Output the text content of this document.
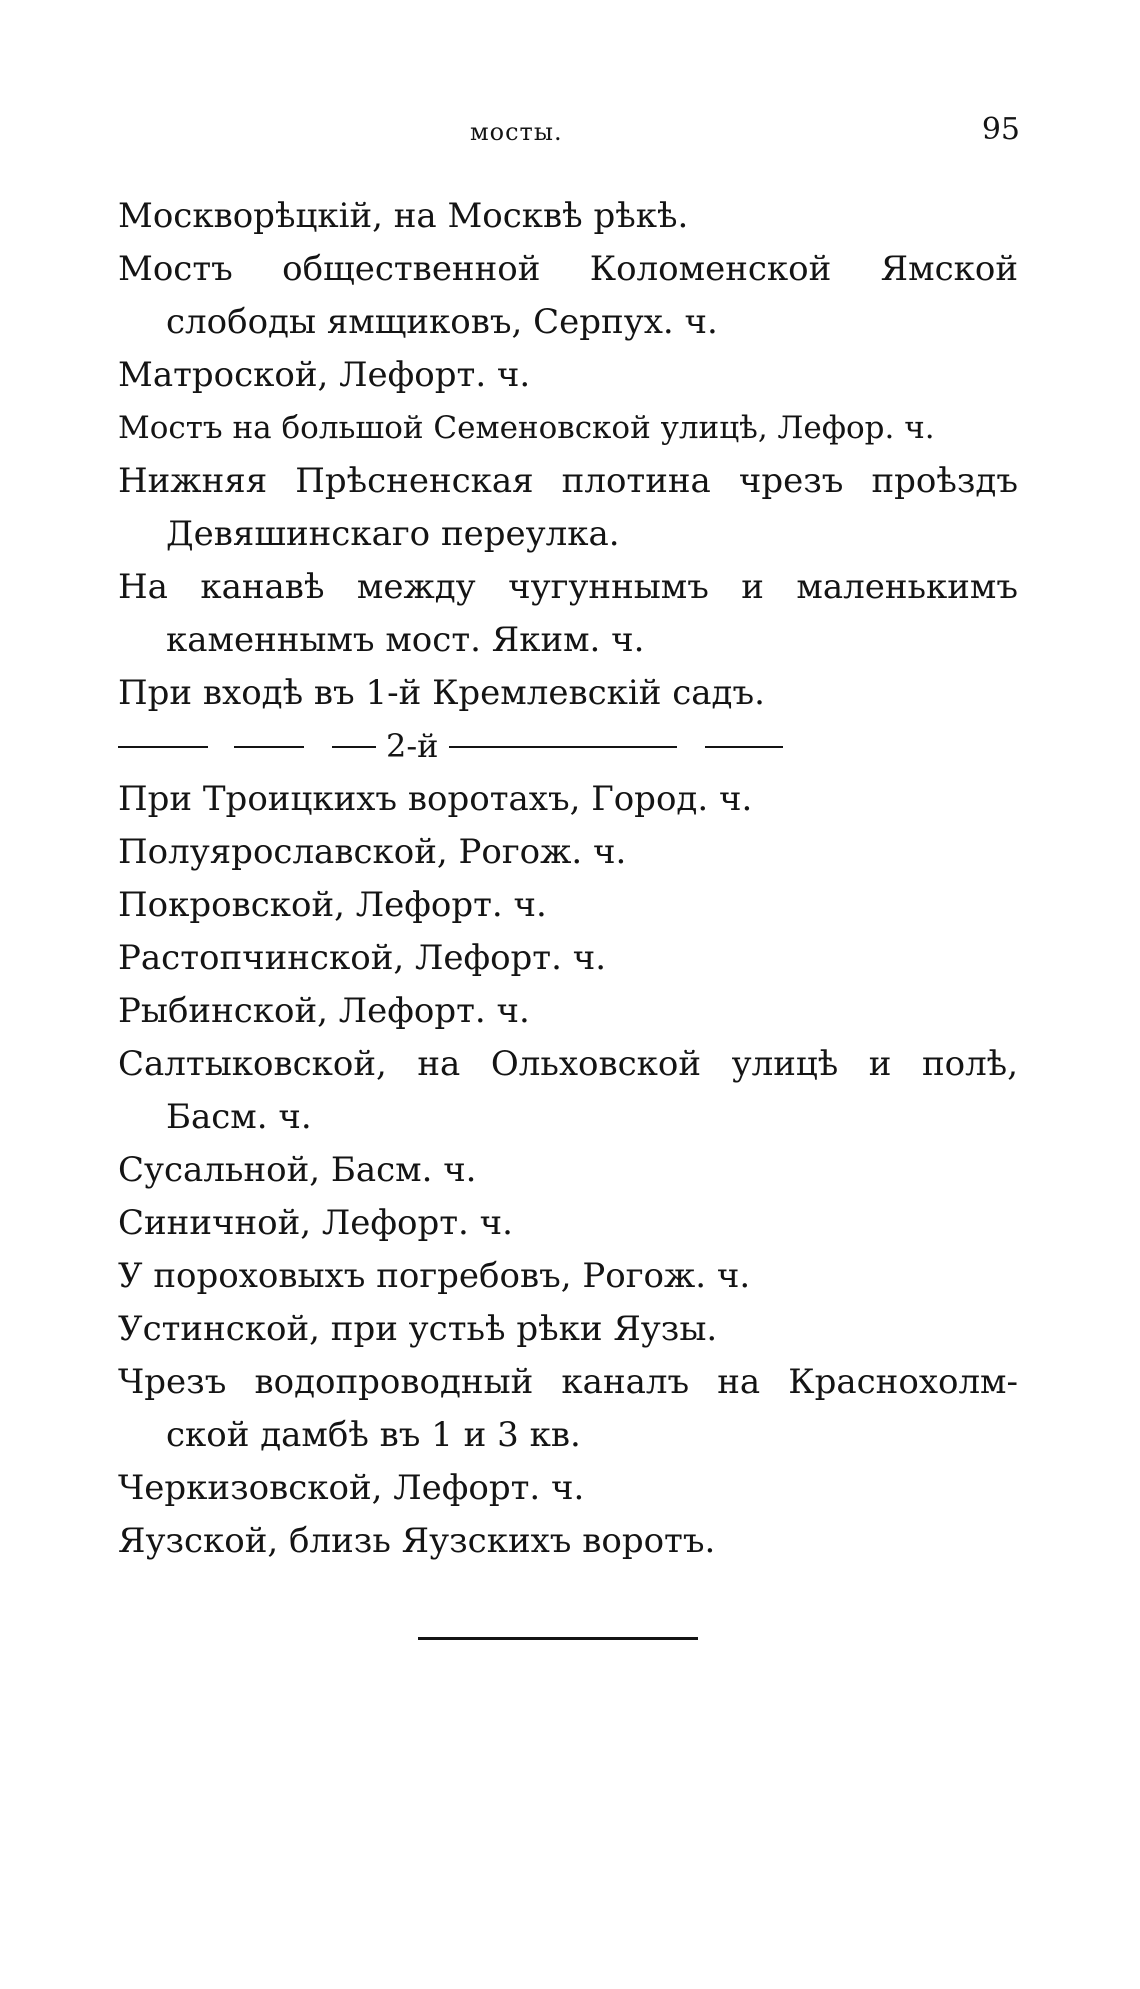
мосты.	95
Москворѣцкій, на Москвѣ рѣкѣ.
Мостъ общественной Коломенской Ямской
слободы ямщиковъ, Серпух. ч.
Матроской, Лефорт. ч.
Мостъ на большой Семеновской улицѣ, Лефор. ч.
Нижняя Прѣсненская плотина чрезъ проѣздъ
Девяшинскаго переулка.
На канавѣ между чугуннымъ и маленькимъ
каменнымъ мост. Яким. ч.
При входѣ въ 1-й Кремлевскій садъ.
2-й
При Троицкихъ воротахъ, Город. ч.
Полуярославской, Рогож. ч.
Покровской, Лефорт. ч.
Растопчинской, Лефорт. ч.
Рыбинской, Лефорт. ч.
Салтыковской, на Ольховской улицѣ и полѣ,
Басм. ч.
Сусальной, Басм. ч.
Синичной, Лефорт. ч.
У пороховыхъ погребовъ, Рогож. ч.
Устинской, при устьѣ рѣки Яузы.
Чрезъ водопроводный каналъ на Краснохолм-
ской дамбѣ въ 1 и 3 кв.
Черкизовской, Лефорт. ч.
Яузской, близь Яузскихъ воротъ.
